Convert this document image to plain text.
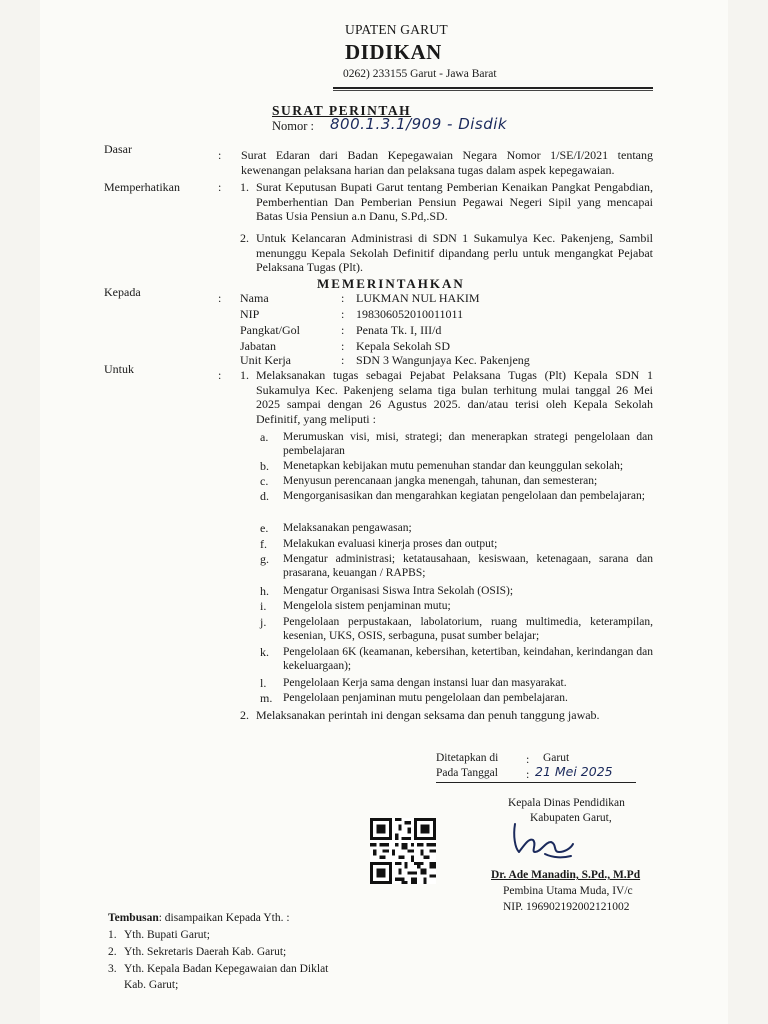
UPATEN GARUT
DIDIKAN
0262) 233155 Garut - Jawa Barat
SURAT PERINTAH
Nomor : 800.1.3.1/909 - Disdik
Dasar	: Surat Edaran dari Badan Kepegawaian Negara Nomor 1/SE/I/2021 tentang kewenangan pelaksana harian dan pelaksana tugas dalam aspek kepegawaian.
Memperhatikan	: 1. Surat Keputusan Bupati Garut tentang Pemberian Kenaikan Pangkat Pengabdian, Pemberhentian Dan Pemberian Pensiun Pegawai Negeri Sipil yang mencapai Batas Usia Pensiun a.n Danu, S.Pd,.SD.
2. Untuk Kelancaran Administrasi di SDN 1 Sukamulya Kec. Pakenjeng, Sambil menunggu Kepala Sekolah Definitif dipandang perlu untuk mengangkat Pejabat Pelaksana Tugas (Plt).
MEMERINTAHKAN
Kepada	: Nama	: LUKMAN NUL HAKIM
NIP	: 198306052010011011
Pangkat/Gol	: Penata Tk. I, III/d
Jabatan	: Kepala Sekolah SD
Unit Kerja	: SDN 3 Wangunjaya Kec. Pakenjeng
Untuk	: 1. Melaksanakan tugas sebagai Pejabat Pelaksana Tugas (Plt) Kepala SDN 1 Sukamulya Kec. Pakenjeng selama tiga bulan terhitung mulai tanggal 26 Mei 2025 sampai dengan 26 Agustus 2025. dan/atau terisi oleh Kepala Sekolah Definitif, yang meliputi :
a. Merumuskan visi, misi, strategi; dan menerapkan strategi pengelolaan dan pembelajaran
b. Menetapkan kebijakan mutu pemenuhan standar dan keunggulan sekolah;
c. Menyusun perencanaan jangka menengah, tahunan, dan semesteran;
d. Mengorganisasikan dan mengarahkan kegiatan pengelolaan dan pembelajaran;
e. Melaksanakan pengawasan;
f. Melakukan evaluasi kinerja proses dan output;
g. Mengatur administrasi; ketatausahaan, kesiswaan, ketenagaan, sarana dan prasarana, keuangan / RAPBS;
h. Mengatur Organisasi Siswa Intra Sekolah (OSIS);
i. Mengelola sistem penjaminan mutu;
j. Pengelolaan perpustakaan, labolatorium, ruang multimedia, keterampilan, kesenian, UKS, OSIS, serbaguna, pusat sumber belajar;
k. Pengelolaan 6K (keamanan, kebersihan, ketertiban, keindahan, kerindangan dan kekeluargaan);
l. Pengelolaan Kerja sama dengan instansi luar dan masyarakat.
m. Pengelolaan penjaminan mutu pengelolaan dan pembelajaran.
2. Melaksanakan perintah ini dengan seksama dan penuh tanggung jawab.
Ditetapkan di : Garut
Pada Tanggal : 21 Mei 2025
Kepala Dinas Pendidikan
Kabupaten Garut,
Dr. Ade Manadin, S.Pd., M.Pd
Pembina Utama Muda, IV/c
NIP. 196902192002121002
Tembusan: disampaikan Kepada Yth. :
1. Yth. Bupati Garut;
2. Yth. Sekretaris Daerah Kab. Garut;
3. Yth. Kepala Badan Kepegawaian dan Diklat
Kab. Garut;
